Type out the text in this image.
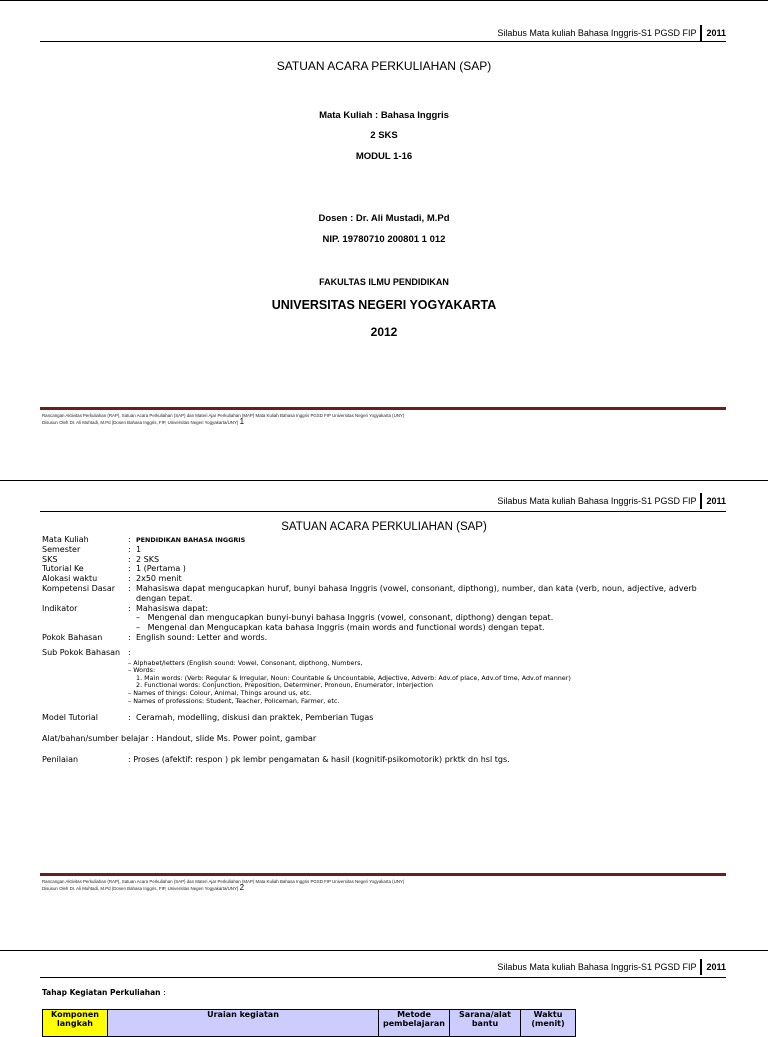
Silabus Mata kuliah Bahasa Inggris-S1 PGSD FIP	2011
SATUAN ACARA PERKULIAHAN (SAP)
Mata Kuliah : Bahasa Inggris
2 SKS
MODUL 1-16
Dosen : Dr. Ali Mustadi, M.Pd
NIP. 19780710 200801 1 012
FAKULTAS ILMU PENDIDIKAN
UNIVERSITAS NEGERI YOGYAKARTA
2012
Rancangan Aktivitas Perkuliahan (RAP), Satuan Acara Perkuliahan (SAP) dan Materi Ajar Perkuliahan (MAP) Mata Kuliah Bahasa Inggris PGSD FIP Universitas Negeri Yogyakarta (UNY)
Disusun Oleh Dr. Ali Muhtadi, M.Pd (Dosen Bahasa Inggris, FIP, Universitas Negeri Yogyakarta/UNY) 1
Silabus Mata kuliah Bahasa Inggris-S1 PGSD FIP	2011
SATUAN ACARA PERKULIAHAN (SAP)
Mata Kuliah	: PENDIDIKAN BAHASA INGGRIS
Semester	: 1
SKS	: 2 SKS
Tutorial Ke	: 1 (Pertama )
Alokasi waktu	: 2x50 menit
Kompetensi Dasar	: Mahasiswa dapat mengucapkan huruf, bunyi bahasa Inggris (vowel, consonant, dipthong), number, dan kata (verb, noun, adjective, adverb
dengan tepat.
Indikator	: Mahasiswa dapat:
–   Mengenal dan mengucapkan bunyi-bunyi bahasa Inggris (vowel, consonant, dipthong) dengan tepat.
–   Mengenal dan Mengucapkan kata bahasa Inggris (main words and functional words) dengan tepat.
Pokok Bahasan	: English sound: Letter and words.
Sub Pokok Bahasan :
– Alphabet/letters (English sound: Vowel, Consonant, dipthong, Numbers,
– Words:
1. Main words: (Verb: Regular & Irregular, Noun: Countable & Uncountable, Adjective, Adverb: Adv.of place, Adv.of time, Adv.of manner)
2. Functional words: Conjunction, Preposition, Determiner, Pronoun, Enumerator, Interjection
– Names of things: Colour, Animal, Things around us, etc.
– Names of professions: Student, Teacher, Policeman, Farmer, etc.
Model Tutorial	: Ceramah, modelling, diskusi dan praktek, Pemberian Tugas
Alat/bahan/sumber belajar : Handout, slide Ms. Power point, gambar
Penilaian	: Proses (afektif: respon ) pk lembr pengamatan & hasil (kognitif-psikomotorik) prktk dn hsl tgs.
Rancangan Aktivitas Perkuliahan (RAP), Satuan Acara Perkuliahan (SAP) dan Materi Ajar Perkuliahan (MAP) Mata Kuliah Bahasa Inggris PGSD FIP Universitas Negeri Yogyakarta (UNY)
Disusun Oleh Dr. Ali Muhtadi, M.Pd (Dosen Bahasa Inggris, FIP, Universitas Negeri Yogyakarta/UNY) 2
Silabus Mata kuliah Bahasa Inggris-S1 PGSD FIP	2011
Tahap Kegiatan Perkuliahan :
Komponen langkah	Uraian kegiatan	Metode pembelajaran	Sarana/alat bantu	Waktu (menit)
